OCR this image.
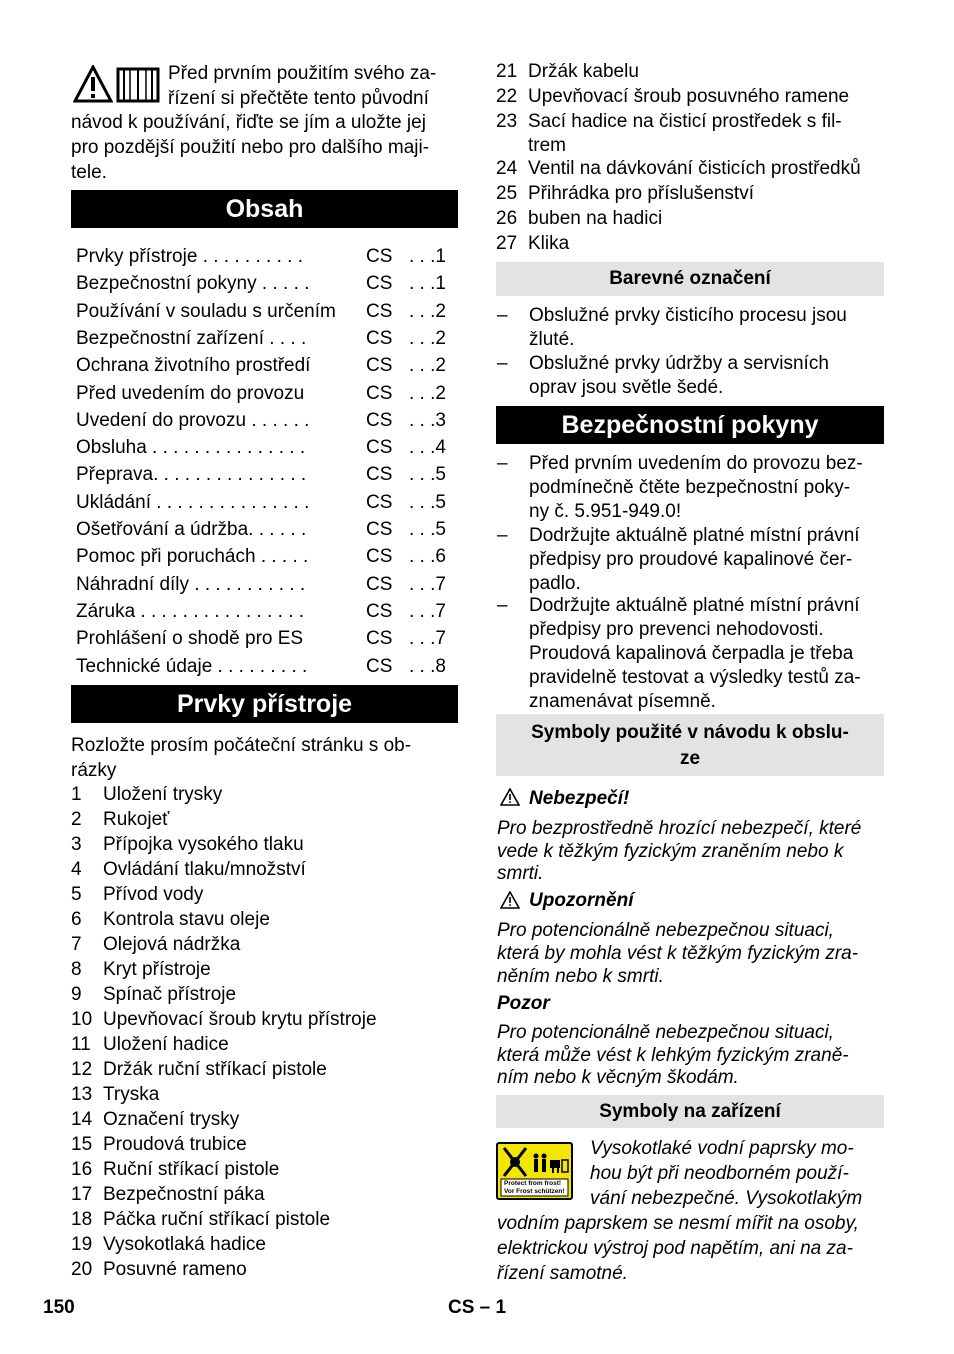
Před prvním použitím svého za-
řízení si přečtěte tento původní
návod k používání, řiďte se jím a uložte jej
pro pozdější použití nebo pro dalšího maji-
tele.
Obsah
Prvky přístroje . . . . . . . . . .	CS . . .1
Bezpečnostní pokyny . . . . .	CS . . .1
Používání v souladu s určením CS . . .2
Bezpečnostní zařízení . . . .	CS . . .2
Ochrana životního prostředí	CS . . .2
Před uvedením do provozu	CS . . .2
Uvedení do provozu . . . . . .	CS . . .3
Obsluha . . . . . . . . . . . . . . .	CS . . .4
Přeprava. . . . . . . . . . . . . . .	CS . . .5
Ukládání . . . . . . . . . . . . . . .	CS . . .5
Ošetřování a údržba. . . . . .	CS . . .5
Pomoc při poruchách . . . . .	CS . . .6
Náhradní díly . . . . . . . . . . .	CS . . .7
Záruka . . . . . . . . . . . . . . . .	CS . . .7
Prohlášení o shodě pro ES	CS . . .7
Technické údaje . . . . . . . . .	CS . . .8
Prvky přístroje
Rozložte prosím počáteční stránku s ob-
rázky
1 Uložení trysky
2 Rukojeť
3 Přípojka vysokého tlaku
4 Ovládání tlaku/množství
5 Přívod vody
6 Kontrola stavu oleje
7 Olejová nádržka
8 Kryt přístroje
9 Spínač přístroje
10 Upevňovací šroub krytu přístroje
11 Uložení hadice
12 Držák ruční stříkací pistole
13 Tryska
14 Označení trysky
15 Proudová trubice
16 Ruční stříkací pistole
17 Bezpečnostní páka
18 Páčka ruční stříkací pistole
19 Vysokotlaká hadice
20 Posuvné rameno
21 Držák kabelu
22 Upevňovací šroub posuvného ramene
23 Sací hadice na čisticí prostředek s fil-
trem
24 Ventil na dávkování čisticích prostředků
25 Přihrádka pro příslušenství
26 buben na hadici
27 Klika
Barevné označení
– Obslužné prvky čisticího procesu jsou
žluté.
– Obslužné prvky údržby a servisních
oprav jsou světle šedé.
Bezpečnostní pokyny
– Před prvním uvedením do provozu bez-
podmínečně čtěte bezpečnostní poky-
ny č. 5.951-949.0!
– Dodržujte aktuálně platné místní právní
předpisy pro proudové kapalinové čer-
padlo.
– Dodržujte aktuálně platné místní právní
předpisy pro prevenci nehodovosti.
Proudová kapalinová čerpadla je třeba
pravidelně testovat a výsledky testů za-
znamenávat písemně.
Symboly použité v návodu k obslu-
ze
Nebezpečí!
Pro bezprostředně hrozící nebezpečí, které
vede k těžkým fyzickým zraněním nebo k
smrti.
Upozornění
Pro potencionálně nebezpečnou situaci,
která by mohla vést k těžkým fyzickým zra-
něním nebo k smrti.
Pozor
Pro potencionálně nebezpečnou situaci,
která může vést k lehkým fyzickým zraně-
ním nebo k věcným škodám.
Symboly na zařízení
Protect from frost!
Vor Frost schützen!
Vysokotlaké vodní paprsky mo-
hou být při neodborném použí-
vání nebezpečné. Vysokotlakým
vodním paprskem se nesmí mířit na osoby,
elektrickou výstroj pod napětím, ani na za-
řízení samotné.
150	CS – 1
